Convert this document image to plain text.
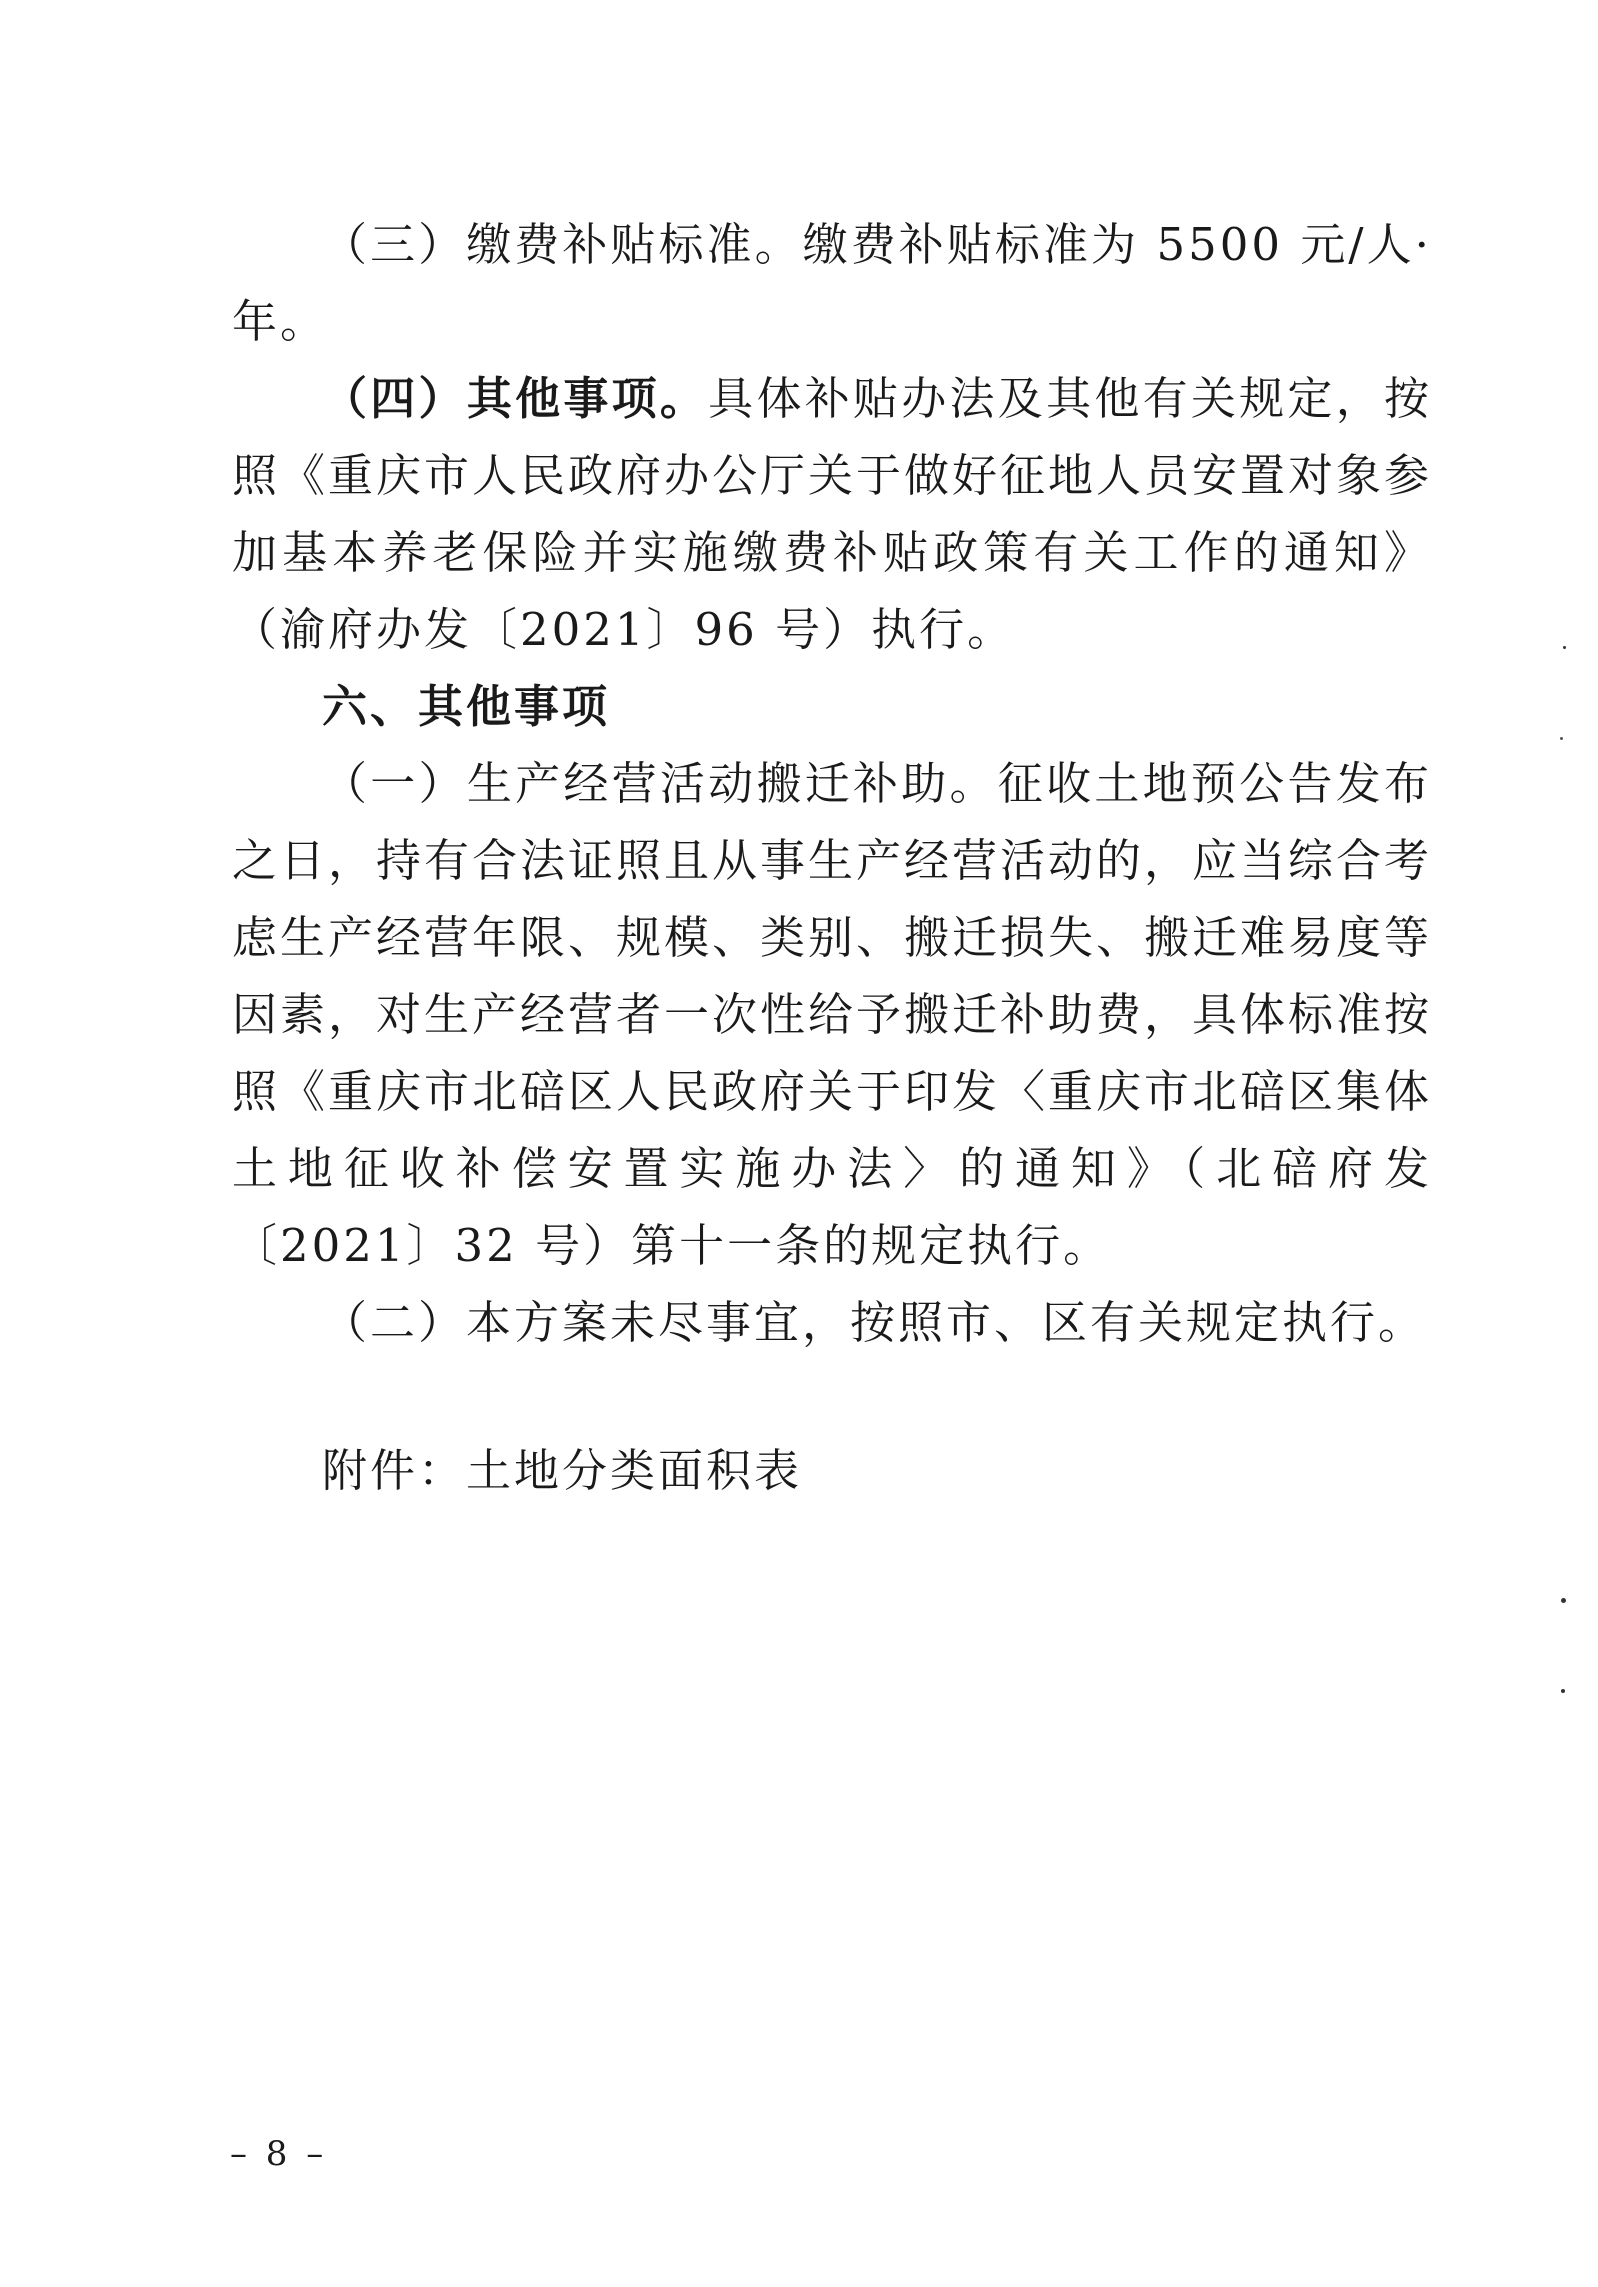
（三）缴费补贴标准。缴费补贴标准为 5500 元/人·年。

（四）其他事项。具体补贴办法及其他有关规定，按照《重庆市人民政府办公厅关于做好征地人员安置对象参加基本养老保险并实施缴费补贴政策有关工作的通知》（渝府办发〔2021〕96 号）执行。

六、其他事项

（一）生产经营活动搬迁补助。征收土地预公告发布之日，持有合法证照且从事生产经营活动的，应当综合考虑生产经营年限、规模、类别、搬迁损失、搬迁难易度等因素，对生产经营者一次性给予搬迁补助费，具体标准按照《重庆市北碚区人民政府关于印发〈重庆市北碚区集体土地征收补偿安置实施办法〉的通知》（北碚府发〔2021〕32 号）第十一条的规定执行。

（二）本方案未尽事宜，按照市、区有关规定执行。

附件：土地分类面积表

– 8 –
